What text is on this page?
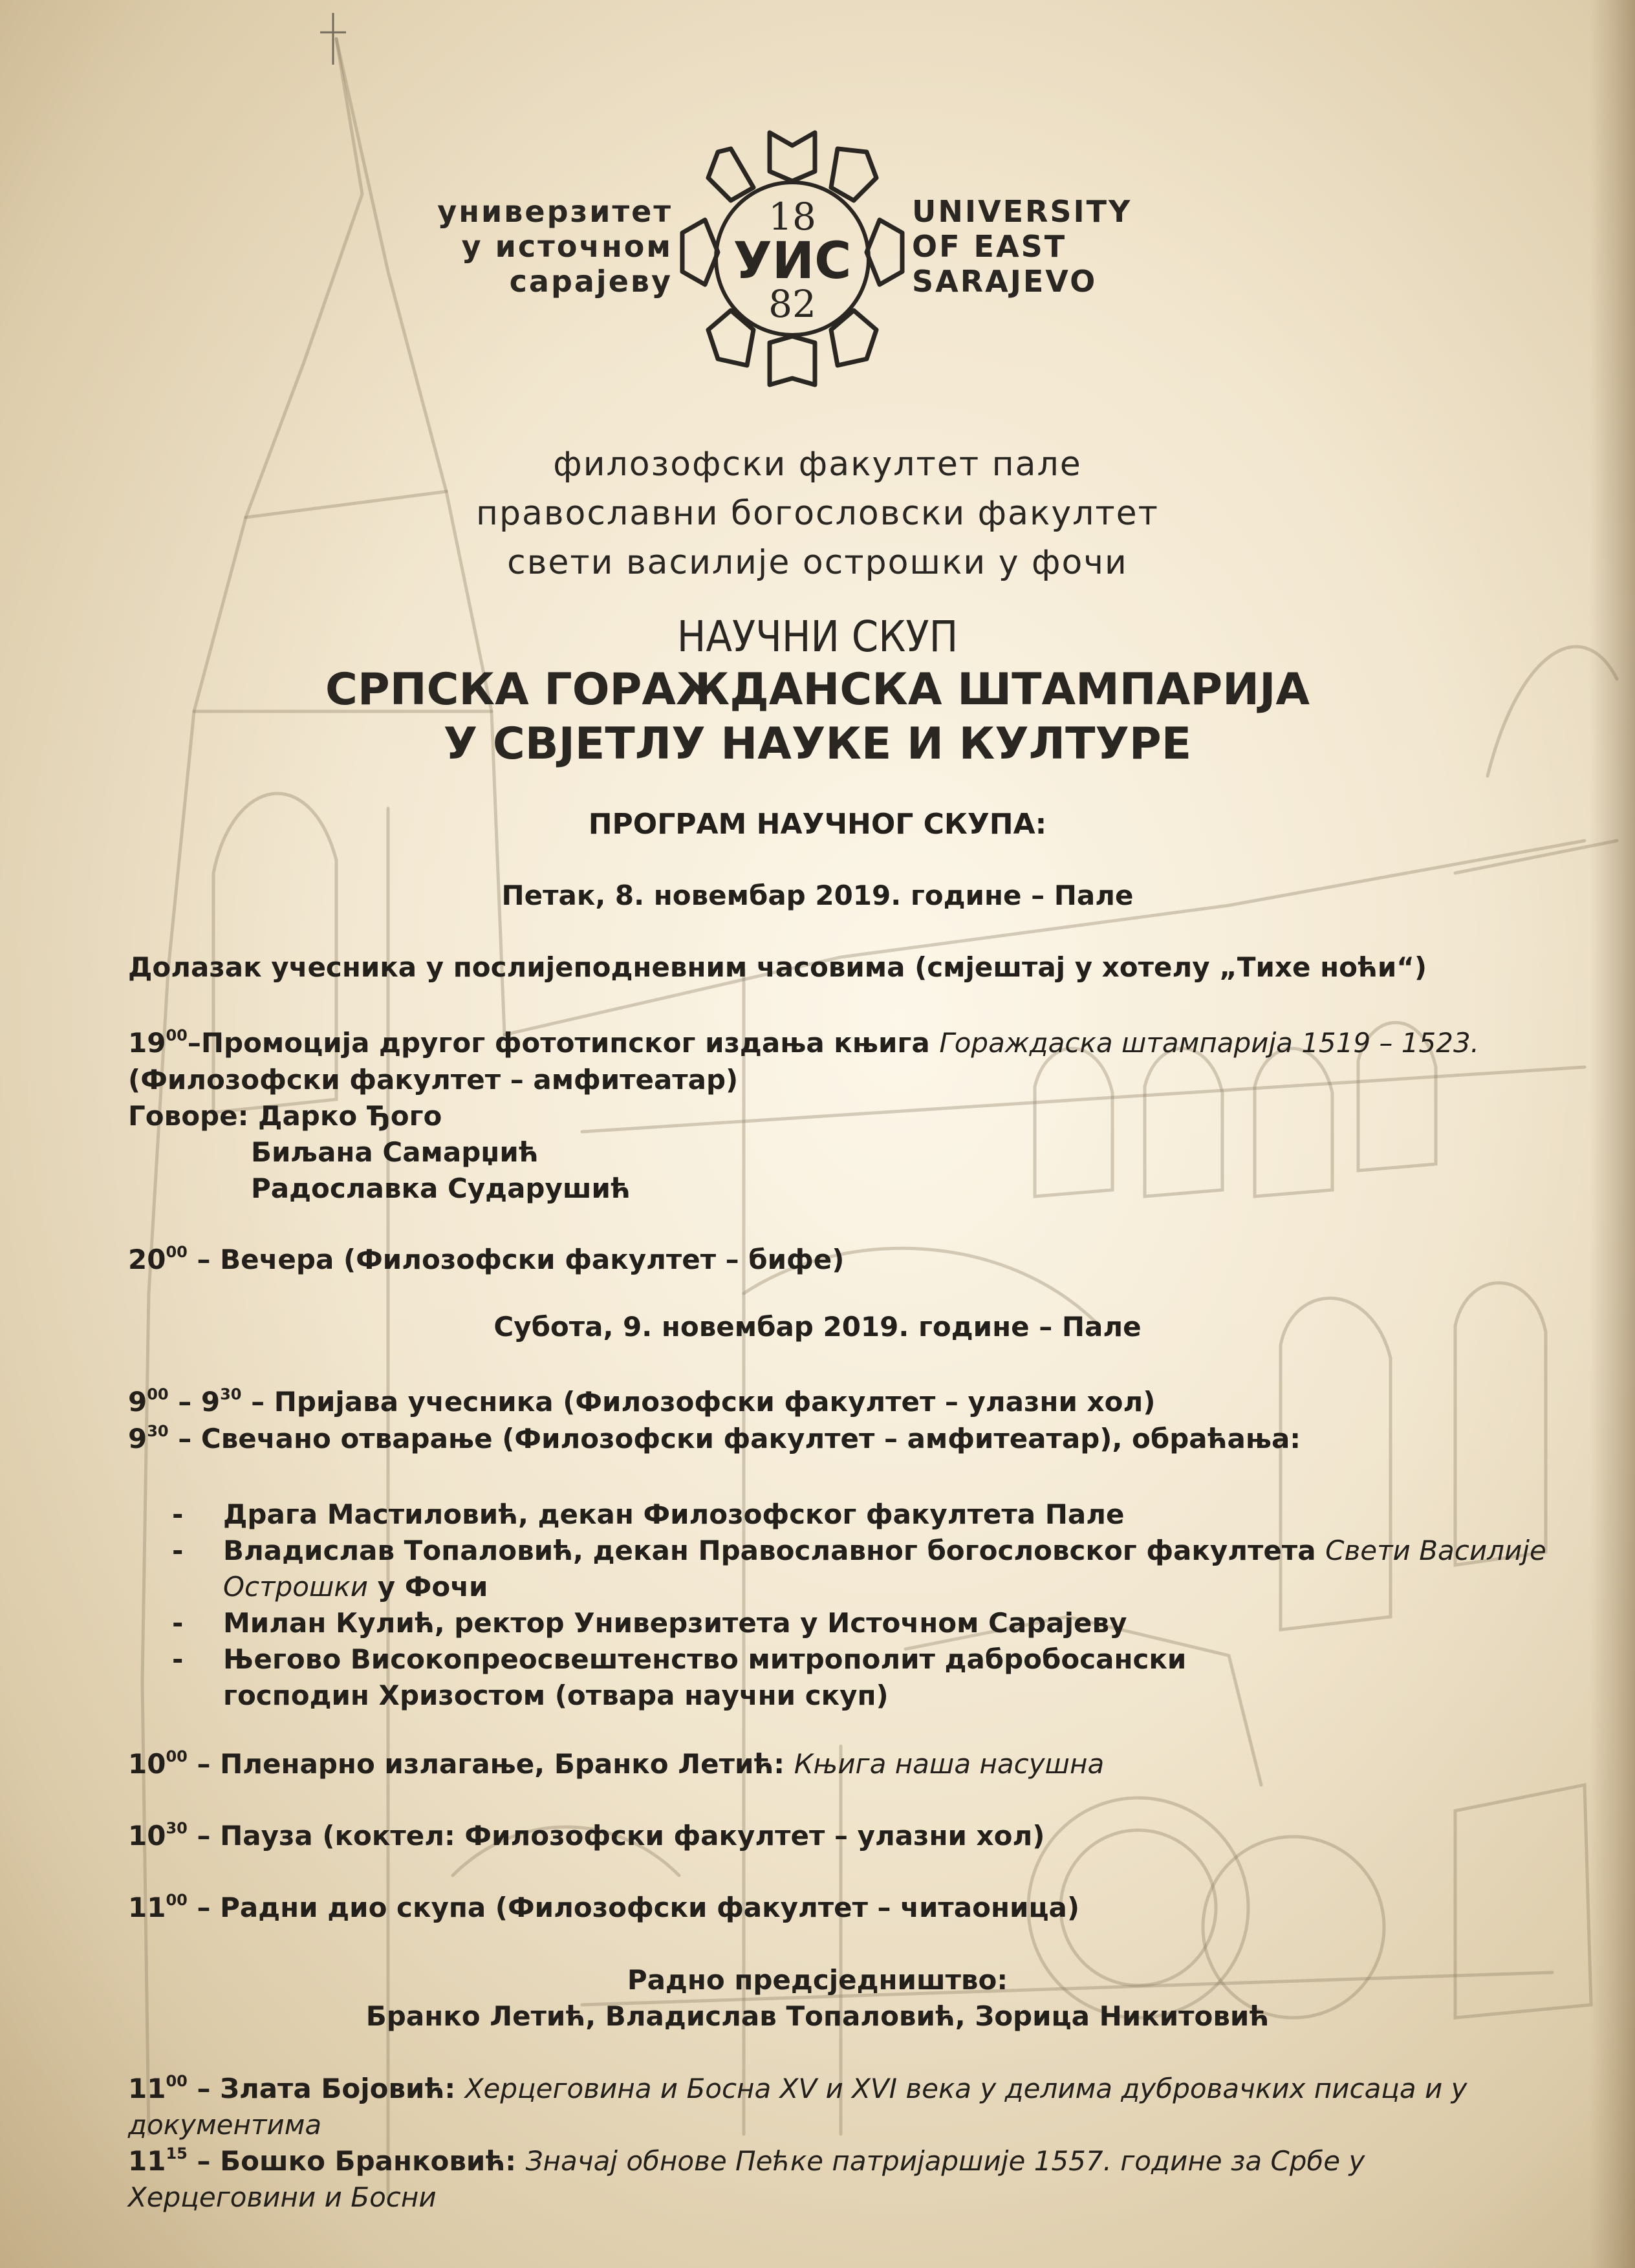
универзитет
у источном
сарајеву
18
УИС
82
UNIVERSITY
OF EAST
SARAJEVO
филозофски факултет пале
православни богословски факултет
свети василије острошки у фочи
НАУЧНИ СКУП
СРПСКА ГОРАЖДАНСКА ШТАМПАРИЈА
У СВЈЕТЛУ НАУКЕ И КУЛТУРЕ
ПРОГРАМ НАУЧНОГ СКУПА:
Петак, 8. новембар 2019. године – Пале
Долазак учесника у послијеподневним часовима (смјештај у хотелу „Тихе ноћи“)
$19^{00}$–Промоција другог фототипског издања књига Гораждаска штампарија 1519 – 1523.
(Филозофски факултет – амфитеатар)
Говоре: Дарко Ђого
Биљана Самарџић
Радославка Сударушић
$20^{00}$ – Вечера (Филозофски факултет – бифе)
Субота, 9. новембар 2019. године – Пале
$9^{00} - 9^{30}$ – Пријава учесника (Филозофски факултет – улазни хол)
$9^{30}$ – Свечано отварање (Филозофски факултет – амфитеатар), обраћања:
- Драга Мастиловић, декан Филозофског факултета Пале
- Владислав Топаловић, декан Православног богословског факултета Свети Василије
Острошки у Фочи
- Милан Кулић, ректор Универзитета у Источном Сарајеву
- Његово Високопреосвештенство митрополит дабробосански
господин Хризостом (отвара научни скуп)
$10^{00}$ – Пленарно излагање, Бранко Летић: Књига наша насушна
$10^{30}$ – Пауза (коктел: Филозофски факултет – улазни хол)
$11^{00}$ – Радни дио скупа (Филозофски факултет – читаоница)
Радно предсједништво:
Бранко Летић, Владислав Топаловић, Зорица Никитовић
$11^{00}$ – Злата Бојовић: Херцеговина и Босна XV и XVI века у делима дубровачких писаца и у
документима
$11^{15}$ – Бошко Бранковић: Значај обнове Пећке патријаршије 1557. године за Србе у
Херцеговини и Босни
